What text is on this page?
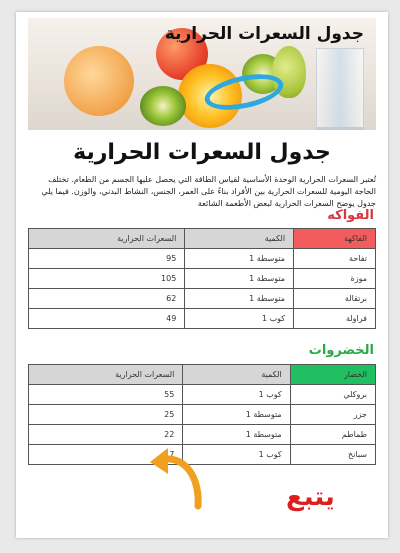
جدول السعرات الحرارية
جدول السعرات الحرارية

تُعتبر السعرات الحرارية الوحدة الأساسية لقياس الطاقة التي يحصل عليها الجسم من الطعام. تختلف الحاجة اليومية للسعرات الحرارية بين الأفراد بناءً على العمر، الجنس، النشاط البدني، والوزن. فيما يلي جدول يوضح السعرات الحرارية لبعض الأطعمة الشائعة

الفواكه
الفاكهة	الكمية	السعرات الحرارية
تفاحة	متوسطة 1	95
موزة	متوسطة 1	105
برتقالة	متوسطة 1	62
فراولة	كوب 1	49
الخضروات
الخضار	الكمية	السعرات الحرارية
بروكلي	كوب 1	55
جزر	متوسطة 1	25
طماطم	متوسطة 1	22
سبانخ	كوب 1	7
يتبع
